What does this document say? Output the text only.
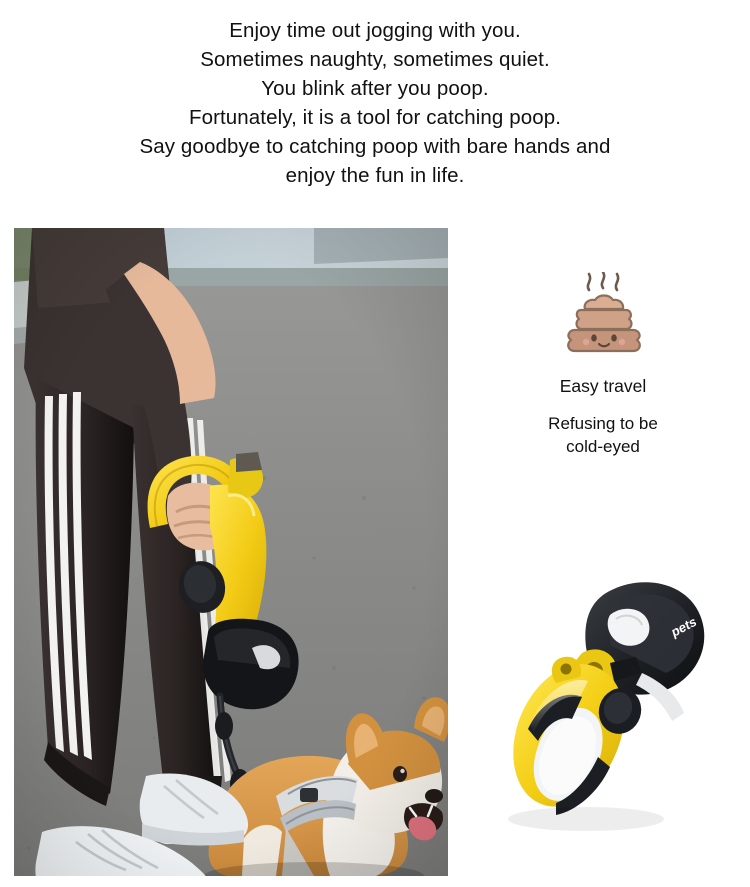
Enjoy time out jogging with you.
Sometimes naughty, sometimes quiet.
You blink after you poop.
Fortunately, it is a tool for catching poop.
Say goodbye to catching poop with bare hands and
enjoy the fun in life.
Easy travel
Refusing to be
cold-eyed
pets
